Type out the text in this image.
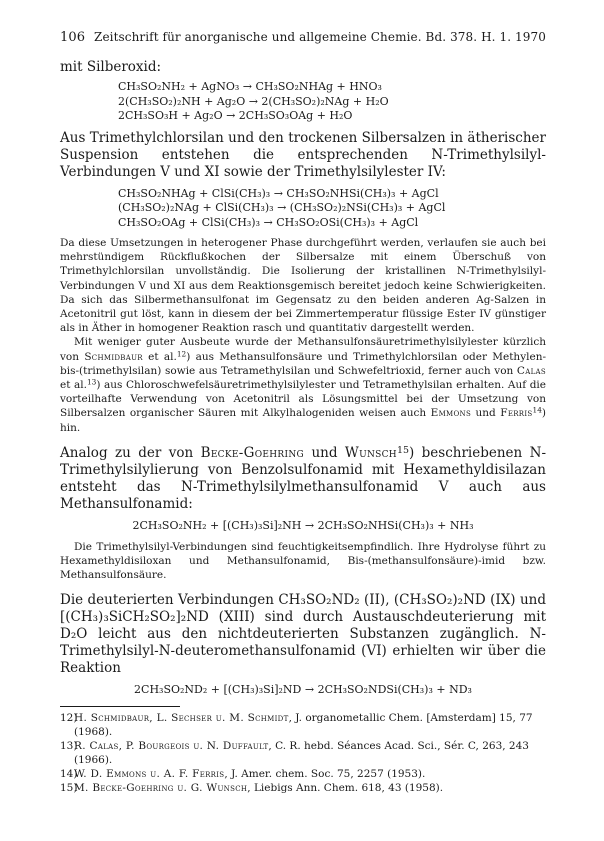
106 Zeitschrift für anorganische und allgemeine Chemie. Bd. 378. H. 1. 1970

mit Silberoxid:

CH₃SO₂NH₂ + AgNO₃ → CH₃SO₂NHAg + HNO₃
2(CH₃SO₂)₂NH + Ag₂O → 2(CH₃SO₂)₂NAg + H₂O
2CH₃SO₃H + Ag₂O → 2CH₃SO₃OAg + H₂O

Aus Trimethylchlorsilan und den trockenen Silbersalzen in ätherischer Suspension entstehen die entsprechenden N-Trimethylsilyl-Verbindungen V und XI sowie der Trimethylsilylester IV:

CH₃SO₂NHAg + ClSi(CH₃)₃ → CH₃SO₂NHSi(CH₃)₃ + AgCl
(CH₃SO₂)₂NAg + ClSi(CH₃)₃ → (CH₃SO₂)₂NSi(CH₃)₃ + AgCl
CH₃SO₂OAg + ClSi(CH₃)₃ → CH₃SO₂OSi(CH₃)₃ + AgCl

Da diese Umsetzungen in heterogener Phase durchgeführt werden, verlaufen sie auch bei mehrstündigem Rückflußkochen der Silbersalze mit einem Überschuß von Trimethylchlorsilan unvollständig. Die Isolierung der kristallinen N-Trimethylsilyl-Verbindungen V und XI aus dem Reaktionsgemisch bereitet jedoch keine Schwierigkeiten. Da sich das Silbermethansulfonat im Gegensatz zu den beiden anderen Ag-Salzen in Acetonitril gut löst, kann in diesem der bei Zimmertemperatur flüssige Ester IV günstiger als in Äther in homogener Reaktion rasch und quantitativ dargestellt werden.

Mit weniger guter Ausbeute wurde der Methansulfonsäuretrimethylsilylester kürzlich von Schmidbaur et al.$^{12}$) aus Methansulfonsäure und Trimethylchlorsilan oder Methylen-bis-(trimethylsilan) sowie aus Tetramethylsilan und Schwefeltrioxid, ferner auch von Calas et al.$^{13}$) aus Chloroschwefelsäuretrimethylsilylester und Tetramethylsilan erhalten. Auf die vorteilhafte Verwendung von Acetonitril als Lösungsmittel bei der Umsetzung von Silbersalzen organischer Säuren mit Alkylhalogeniden weisen auch Emmons und Ferris$^{14}$) hin.

Analog zu der von Becke-Goehring und Wunsch$^{15}$) beschriebenen N-Trimethylsilylierung von Benzolsulfonamid mit Hexamethyldisilazan entsteht das N-Trimethylsilylmethansulfonamid V auch aus Methansulfonamid:

2CH₃SO₂NH₂ + [(CH₃)₃Si]₂NH → 2CH₃SO₂NHSi(CH₃)₃ + NH₃

Die Trimethylsilyl-Verbindungen sind feuchtigkeitsempfindlich. Ihre Hydrolyse führt zu Hexamethyldisiloxan und Methansulfonamid, Bis-(methansulfonsäure)-imid bzw. Methansulfonsäure.

Die deuterierten Verbindungen CH₃SO₂ND₂ (II), (CH₃SO₂)₂ND (IX) und [(CH₃)₃SiCH₂SO₂]₂ND (XIII) sind durch Austauschdeuterierung mit D₂O leicht aus den nichtdeuterierten Substanzen zugänglich. N-Trimethylsilyl-N-deuteromethansulfonamid (VI) erhielten wir über die Reaktion

2CH₃SO₂ND₂ + [(CH₃)₃Si]₂ND → 2CH₃SO₂NDSi(CH₃)₃ + ND₃

12)H. Schmidbaur, L. Sechser u. M. Schmidt, J. organometallic Chem. [Amsterdam] 15, 77 (1968).

13)R. Calas, P. Bourgeois u. N. Duffault, C. R. hebd. Séances Acad. Sci., Sér. C, 263, 243 (1966).

14)W. D. Emmons u. A. F. Ferris, J. Amer. chem. Soc. 75, 2257 (1953).

15)M. Becke-Goehring u. G. Wunsch, Liebigs Ann. Chem. 618, 43 (1958).
